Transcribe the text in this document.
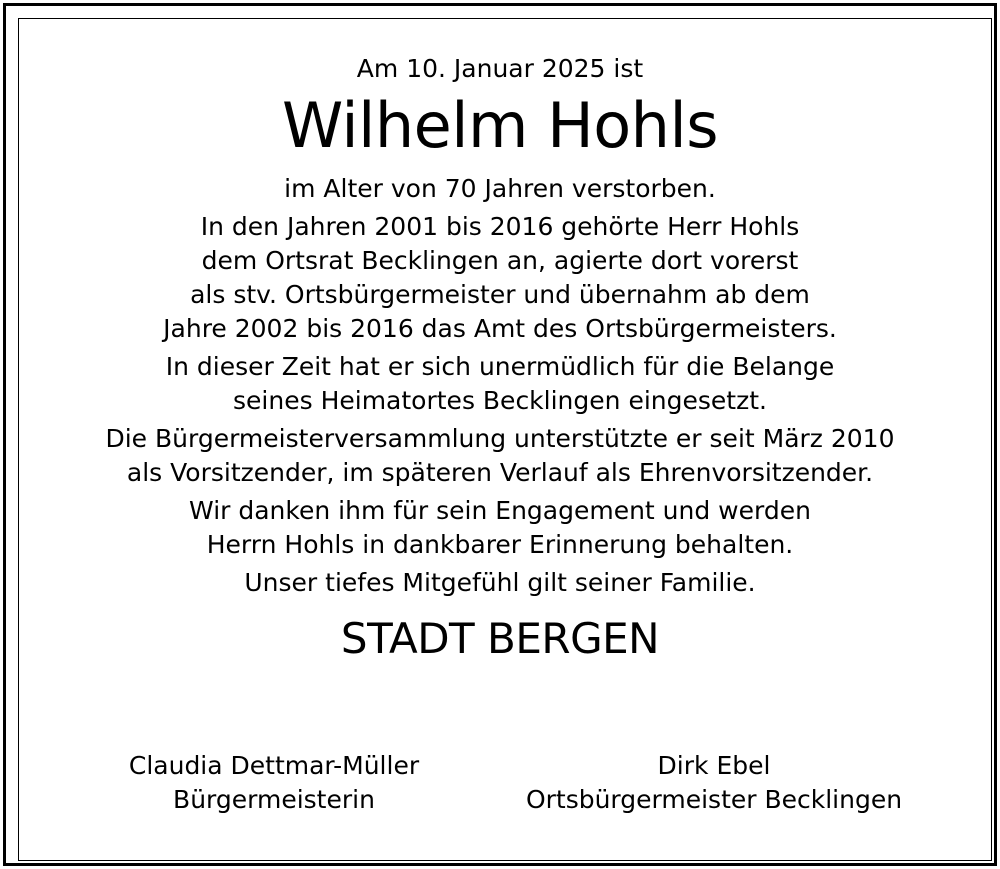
Am 10. Januar 2025 ist
Wilhelm Hohls
im Alter von 70 Jahren verstorben.
In den Jahren 2001 bis 2016 gehörte Herr Hohls
dem Ortsrat Becklingen an, agierte dort vorerst
als stv. Ortsbürgermeister und übernahm ab dem
Jahre 2002 bis 2016 das Amt des Ortsbürgermeisters.
In dieser Zeit hat er sich unermüdlich für die Belange
seines Heimatortes Becklingen eingesetzt.
Die Bürgermeisterversammlung unterstützte er seit März 2010
als Vorsitzender, im späteren Verlauf als Ehrenvorsitzender.
Wir danken ihm für sein Engagement und werden
Herrn Hohls in dankbarer Erinnerung behalten.
Unser tiefes Mitgefühl gilt seiner Familie.
STADT BERGEN
Claudia Dettmar-Müller
Bürgermeisterin
Dirk Ebel
Ortsbürgermeister Becklingen
